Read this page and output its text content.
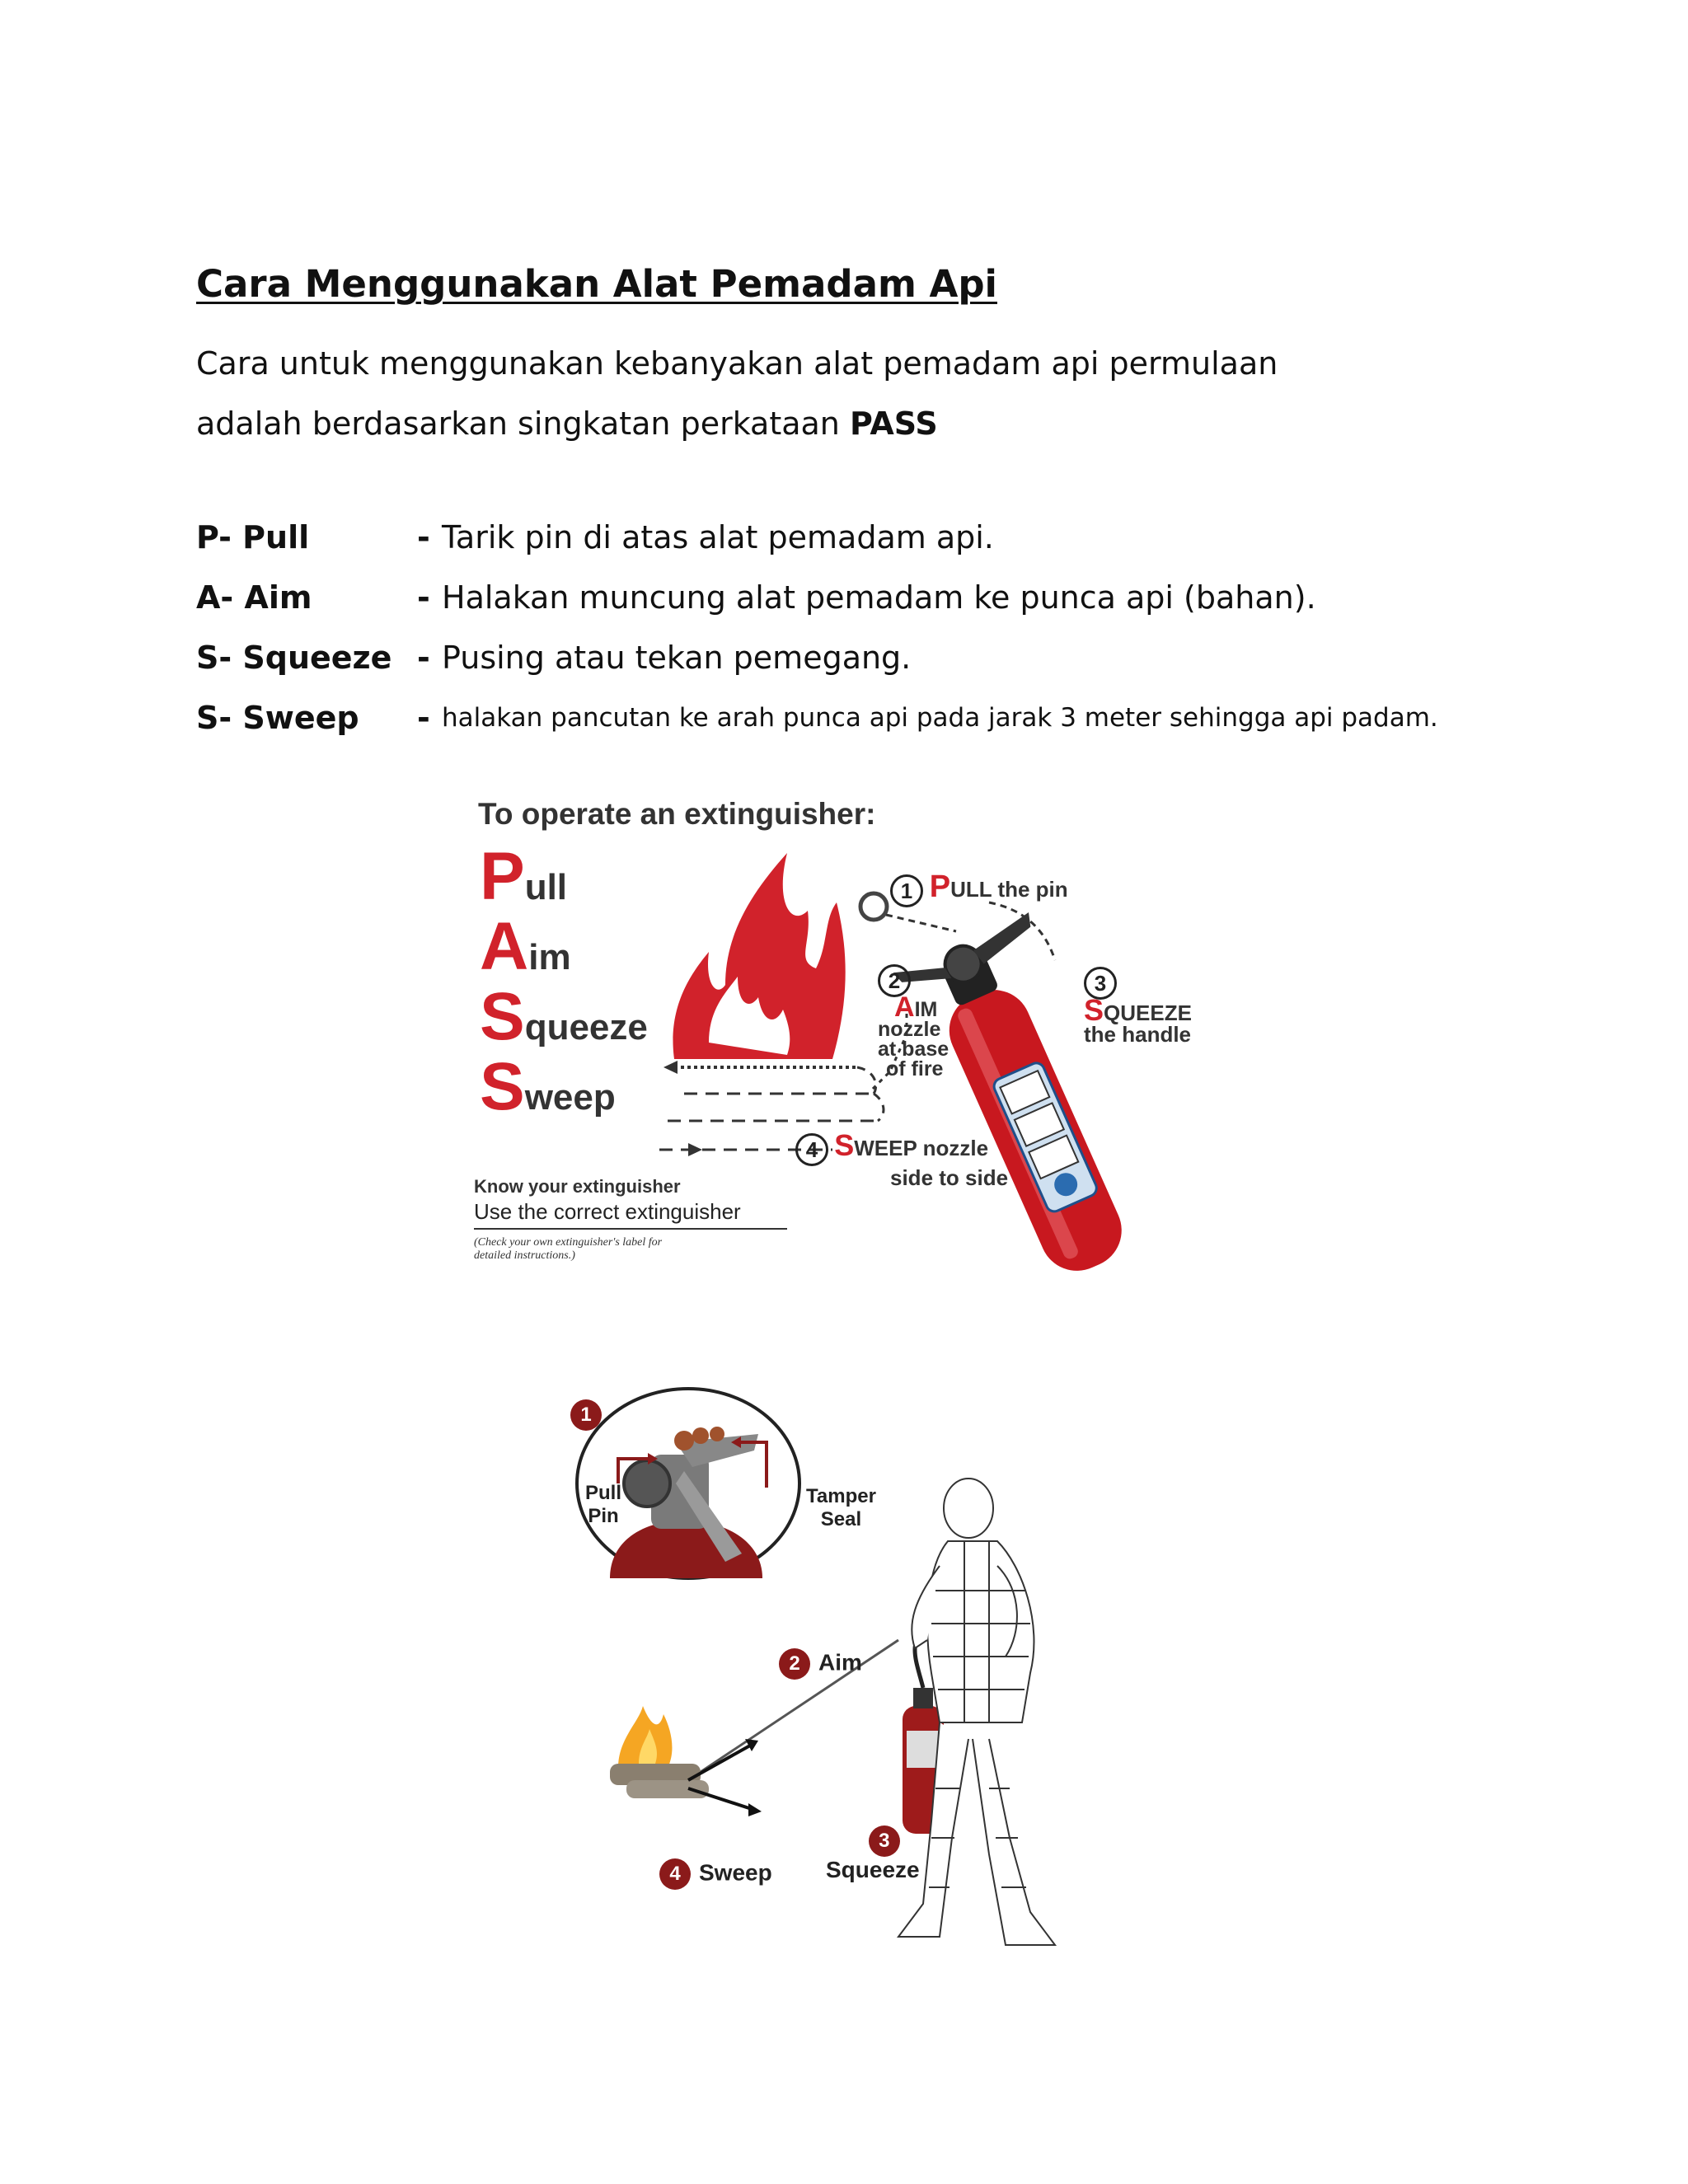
Cara Menggunakan Alat Pemadam Api
Cara untuk menggunakan kebanyakan alat pemadam api permulaan
adalah berdasarkan singkatan perkataan PASS
P- Pull	- Tarik pin di atas alat pemadam api.
A- Aim	- Halakan muncung alat pemadam ke punca api (bahan).
S- Squeeze - Pusing atau tekan pemegang.
S- Sweep	- halakan pancutan ke arah punca api pada jarak 3 meter sehingga api padam.
To operate an extinguisher:
Pull
Aim
Squeeze
Sweep
1 PULL the pin
2
AIM
nozzle
at base
of fire
3
SQUEEZE
the handle
4 SWEEP nozzle
side to side
Know your extinguisher
Use the correct extinguisher
(Check your own extinguisher's label for detailed instructions.)
1
Pull
Pin
Tamper
Seal
2 Aim
3
Squeeze
4 Sweep
